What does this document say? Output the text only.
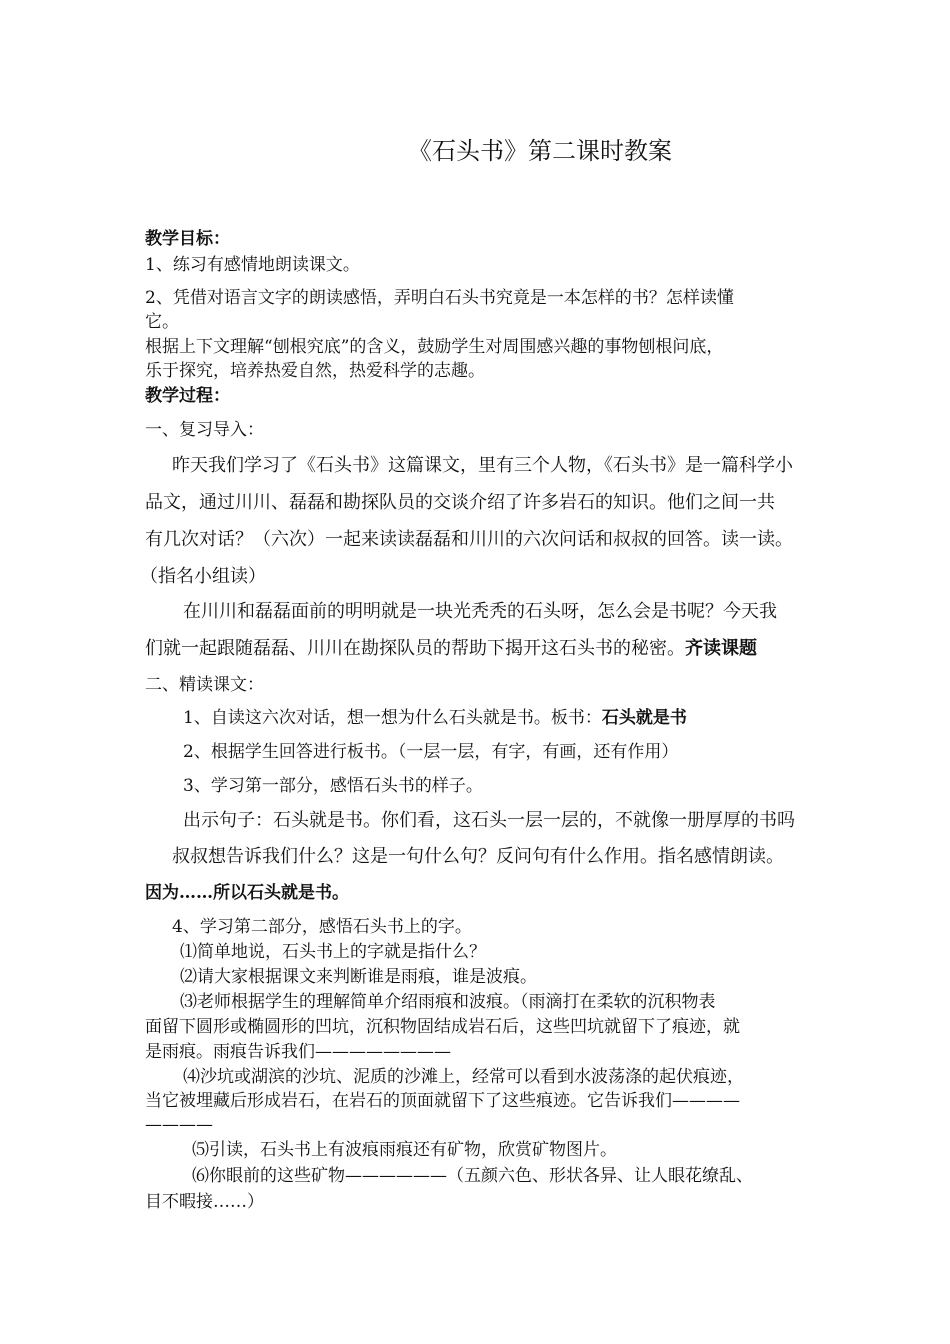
《石头书》第二课时教案
教学目标：
1、练习有感情地朗读课文。
2、凭借对语言文字的朗读感悟，弄明白石头书究竟是一本怎样的书？怎样读懂
它。
根据上下文理解“刨根究底”的含义，鼓励学生对周围感兴趣的事物刨根问底，
乐于探究，培养热爱自然，热爱科学的志趣。
教学过程：
一、复习导入：
昨天我们学习了《石头书》这篇课文，里有三个人物，《石头书》是一篇科学小
品文，通过川川、磊磊和勘探队员的交谈介绍了许多岩石的知识。他们之间一共
有几次对话？（六次）一起来读读磊磊和川川的六次问话和叔叔的回答。读一读。
（指名小组读）
在川川和磊磊面前的明明就是一块光秃秃的石头呀，怎么会是书呢？今天我
们就一起跟随磊磊、川川在勘探队员的帮助下揭开这石头书的秘密。齐读课题
二、精读课文：
1、自读这六次对话，想一想为什么石头就是书。板书：石头就是书
2、根据学生回答进行板书。（一层一层，有字，有画，还有作用）
3、学习第一部分，感悟石头书的样子。
出示句子：石头就是书。你们看，这石头一层一层的，不就像一册厚厚的书吗
叔叔想告诉我们什么？这是一句什么句？反问句有什么作用。指名感情朗读。
因为……所以石头就是书。
4、学习第二部分，感悟石头书上的字。
⑴简单地说，石头书上的字就是指什么？
⑵请大家根据课文来判断谁是雨痕，谁是波痕。
⑶老师根据学生的理解简单介绍雨痕和波痕。（雨滴打在柔软的沉积物表
面留下圆形或椭圆形的凹坑，沉积物固结成岩石后，这些凹坑就留下了痕迹，就
是雨痕。雨痕告诉我们————————
⑷沙坑或湖滨的沙坑、泥质的沙滩上，经常可以看到水波荡涤的起伏痕迹，
当它被埋藏后形成岩石，在岩石的顶面就留下了这些痕迹。它告诉我们————
————
⑸引读，石头书上有波痕雨痕还有矿物，欣赏矿物图片。
⑹你眼前的这些矿物——————（五颜六色、形状各异、让人眼花缭乱、
目不暇接……）
